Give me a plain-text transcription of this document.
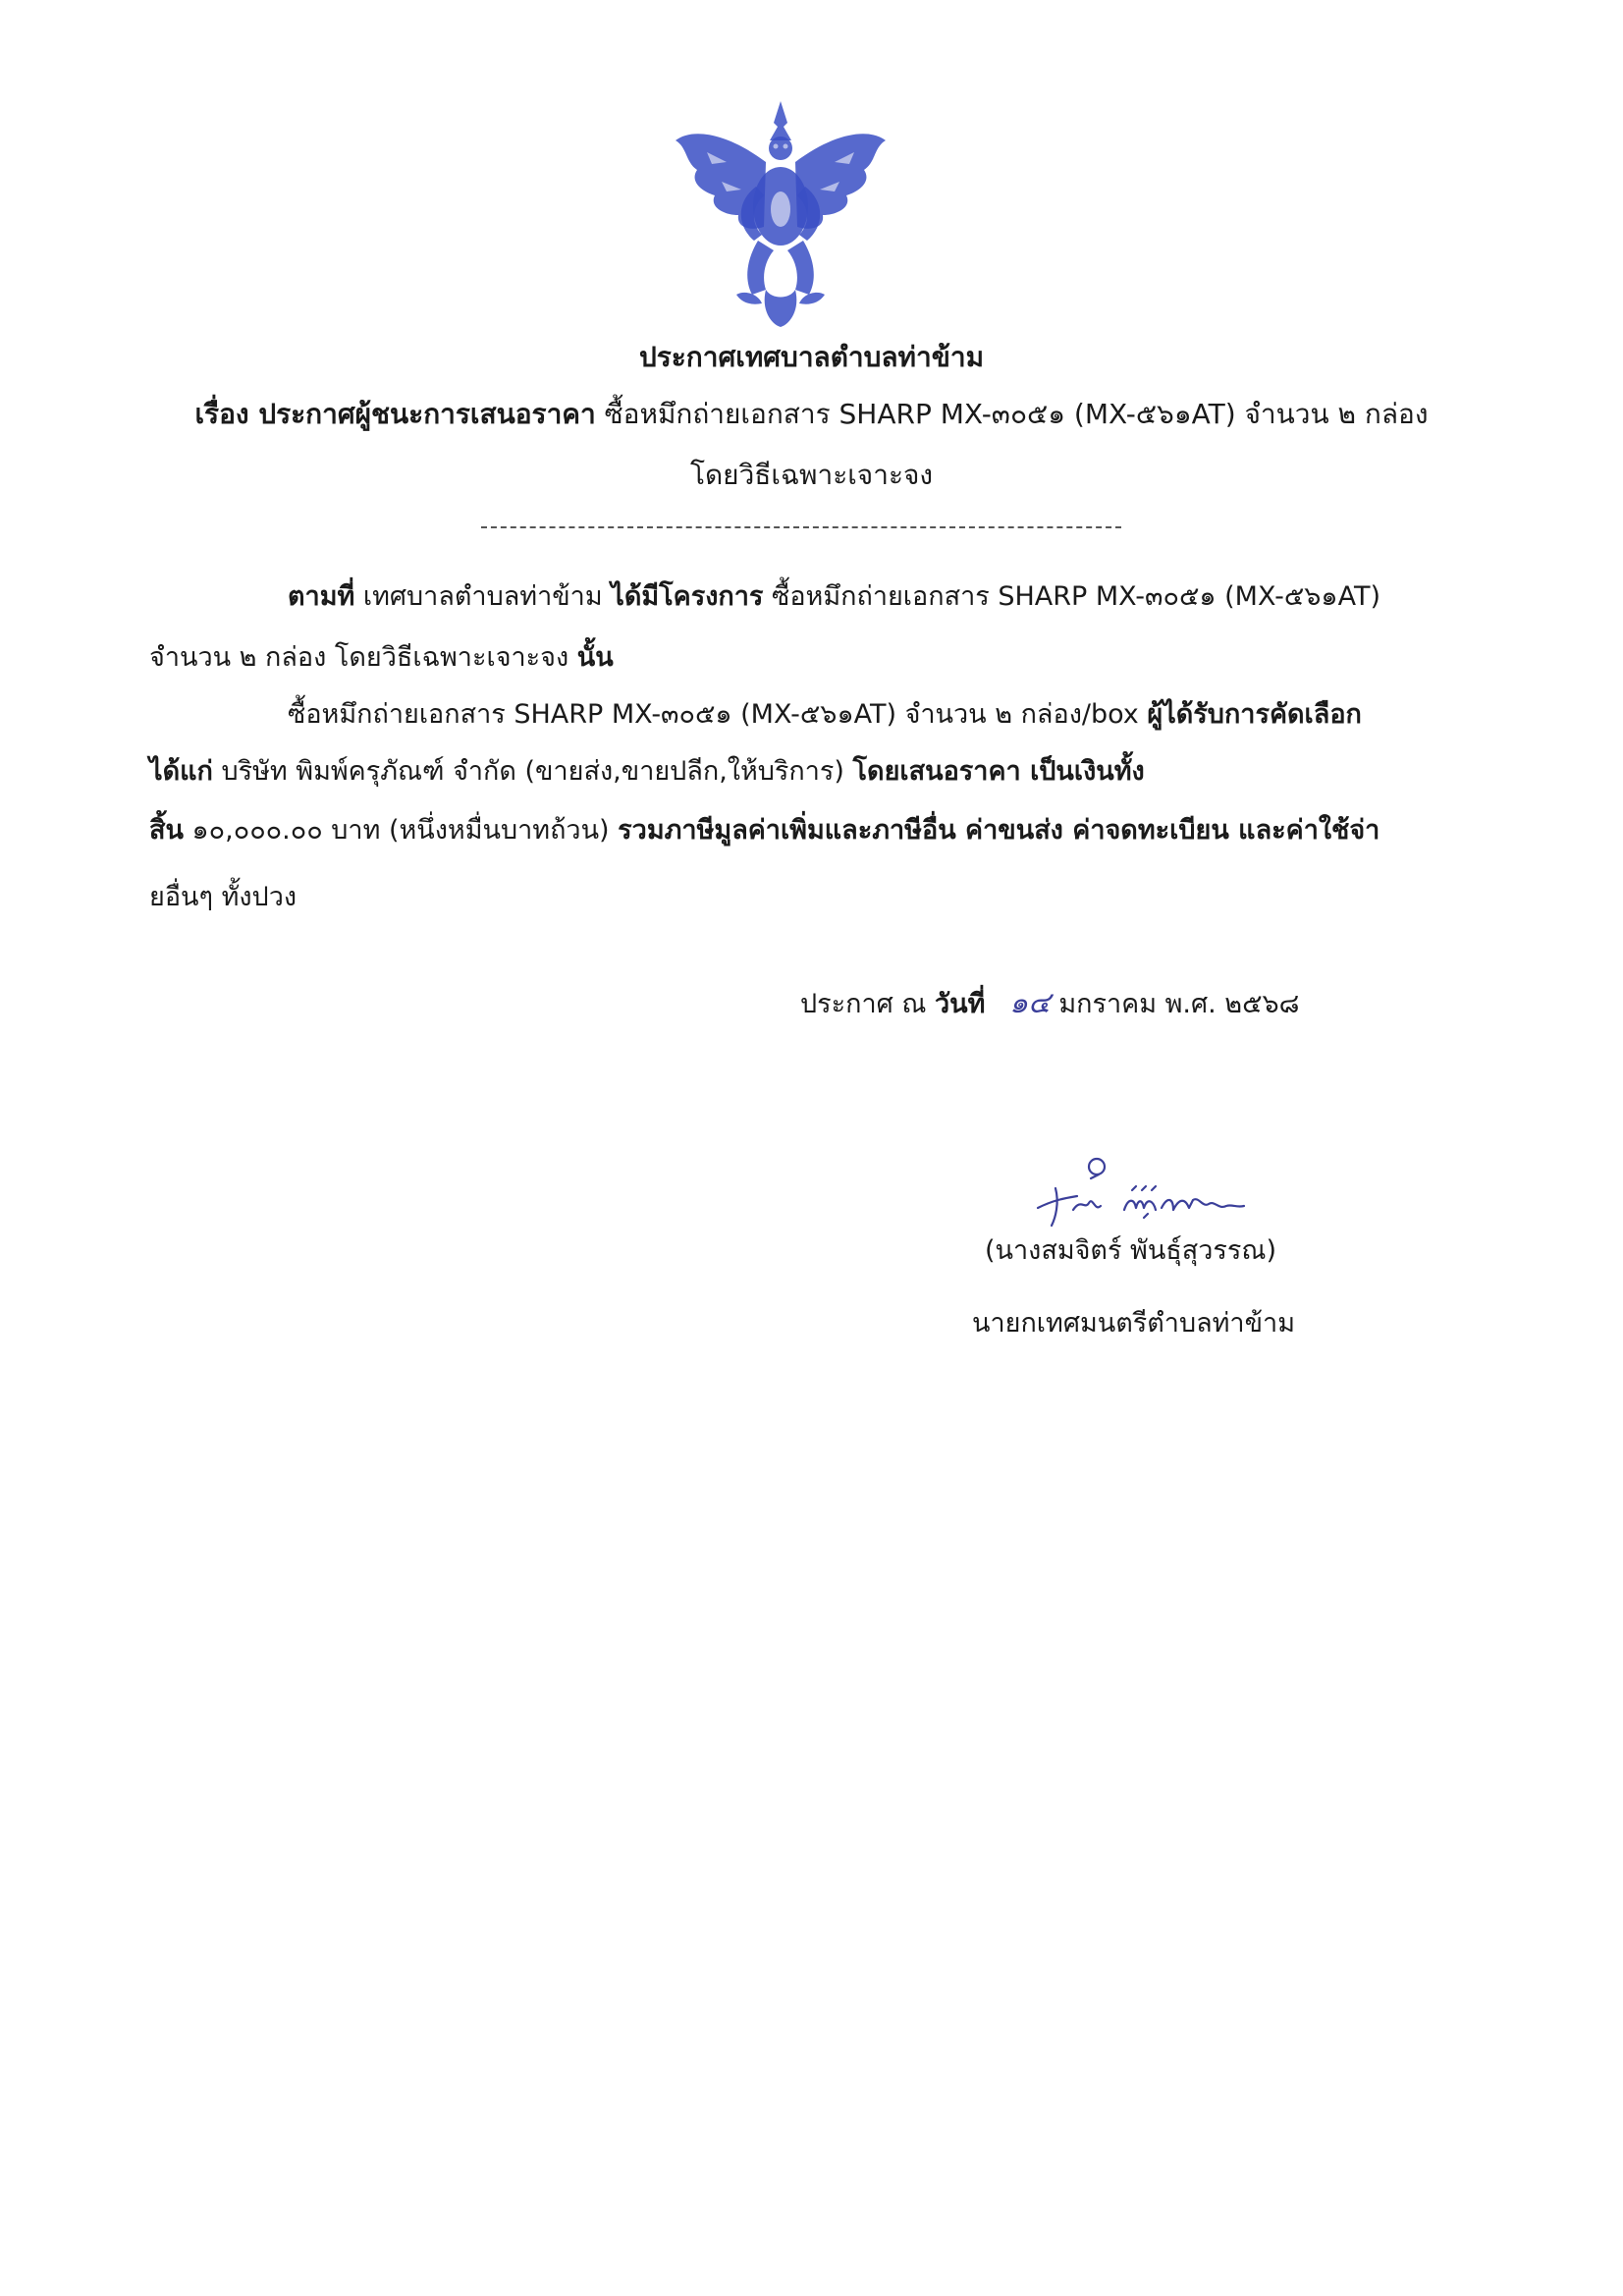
ประกาศเทศบาลตำบลท่าข้าม
เรื่อง ประกาศผู้ชนะการเสนอราคา ซื้อหมึกถ่ายเอกสาร SHARP MX-๓๐๕๑ (MX-๕๖๑AT) จำนวน ๒ กล่อง
โดยวิธีเฉพาะเจาะจง
ตามที่ เทศบาลตำบลท่าข้าม ได้มีโครงการ ซื้อหมึกถ่ายเอกสาร SHARP MX-๓๐๕๑ (MX-๕๖๑AT)
จำนวน ๒ กล่อง โดยวิธีเฉพาะเจาะจง นั้น
ซื้อหมึกถ่ายเอกสาร SHARP MX-๓๐๕๑ (MX-๕๖๑AT) จำนวน ๒ กล่อง/box ผู้ได้รับการคัดเลือก
ได้แก่ บริษัท พิมพ์ครุภัณฑ์ จำกัด (ขายส่ง,ขายปลีก,ให้บริการ) โดยเสนอราคา เป็นเงินทั้ง
สิ้น ๑๐,๐๐๐.๐๐ บาท (หนึ่งหมื่นบาทถ้วน) รวมภาษีมูลค่าเพิ่มและภาษีอื่น ค่าขนส่ง ค่าจดทะเบียน และค่าใช้จ่า
ยอื่นๆ ทั้งปวง
ประกาศ ณ วันที่ ๑๔ มกราคม พ.ศ. ๒๕๖๘
(นางสมจิตร์ พันธุ์สุวรรณ)
นายกเทศมนตรีตำบลท่าข้าม
